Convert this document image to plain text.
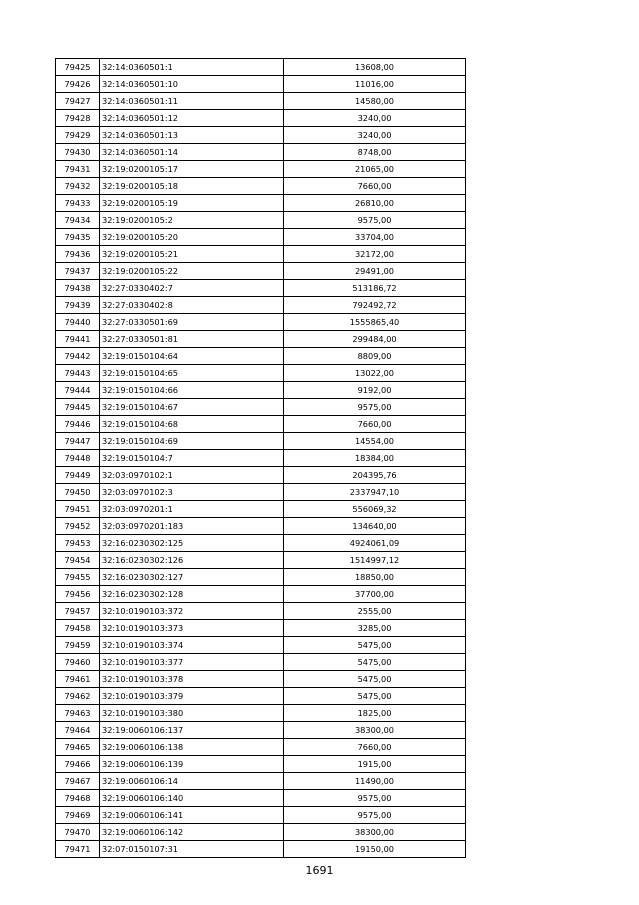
79425	32:14:0360501:1	13608,00
79426	32:14:0360501:10	11016,00
79427	32:14:0360501:11	14580,00
79428	32:14:0360501:12	3240,00
79429	32:14:0360501:13	3240,00
79430	32:14:0360501:14	8748,00
79431	32:19:0200105:17	21065,00
79432	32:19:0200105:18	7660,00
79433	32:19:0200105:19	26810,00
79434	32:19:0200105:2	9575,00
79435	32:19:0200105:20	33704,00
79436	32:19:0200105:21	32172,00
79437	32:19:0200105:22	29491,00
79438	32:27:0330402:7	513186,72
79439	32:27:0330402:8	792492,72
79440	32:27:0330501:69	1555865,40
79441	32:27:0330501:81	299484,00
79442	32:19:0150104:64	8809,00
79443	32:19:0150104:65	13022,00
79444	32:19:0150104:66	9192,00
79445	32:19:0150104:67	9575,00
79446	32:19:0150104:68	7660,00
79447	32:19:0150104:69	14554,00
79448	32:19:0150104:7	18384,00
79449	32:03:0970102:1	204395,76
79450	32:03:0970102:3	2337947,10
79451	32:03:0970201:1	556069,32
79452	32:03:0970201:183	134640,00
79453	32:16:0230302:125	4924061,09
79454	32:16:0230302:126	1514997,12
79455	32:16:0230302:127	18850,00
79456	32:16:0230302:128	37700,00
79457	32:10:0190103:372	2555,00
79458	32:10:0190103:373	3285,00
79459	32:10:0190103:374	5475,00
79460	32:10:0190103:377	5475,00
79461	32:10:0190103:378	5475,00
79462	32:10:0190103:379	5475,00
79463	32:10:0190103:380	1825,00
79464	32:19:0060106:137	38300,00
79465	32:19:0060106:138	7660,00
79466	32:19:0060106:139	1915,00
79467	32:19:0060106:14	11490,00
79468	32:19:0060106:140	9575,00
79469	32:19:0060106:141	9575,00
79470	32:19:0060106:142	38300,00
79471	32:07:0150107:31	19150,00
1691
